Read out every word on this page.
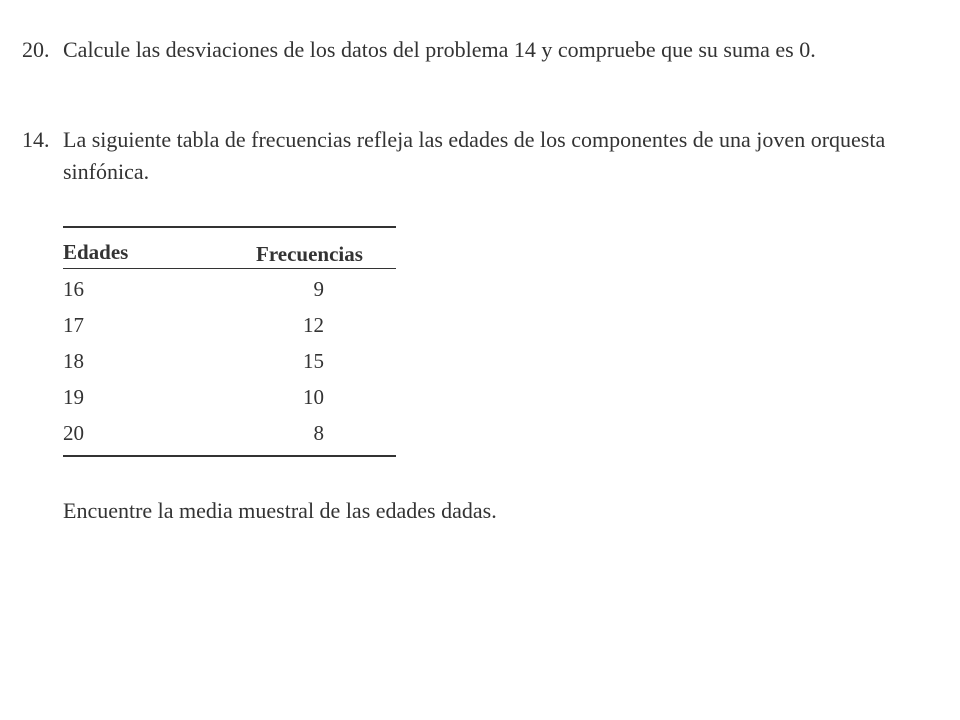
20. Calcule las desviaciones de los datos del problema 14 y compruebe que su suma es 0.
14. La siguiente tabla de frecuencias refleja las edades de los componentes de una joven orquesta sinfónica.
Edades	Frecuencias
16	9
17	12
18	15
19	10
20	8
Encuentre la media muestral de las edades dadas.
